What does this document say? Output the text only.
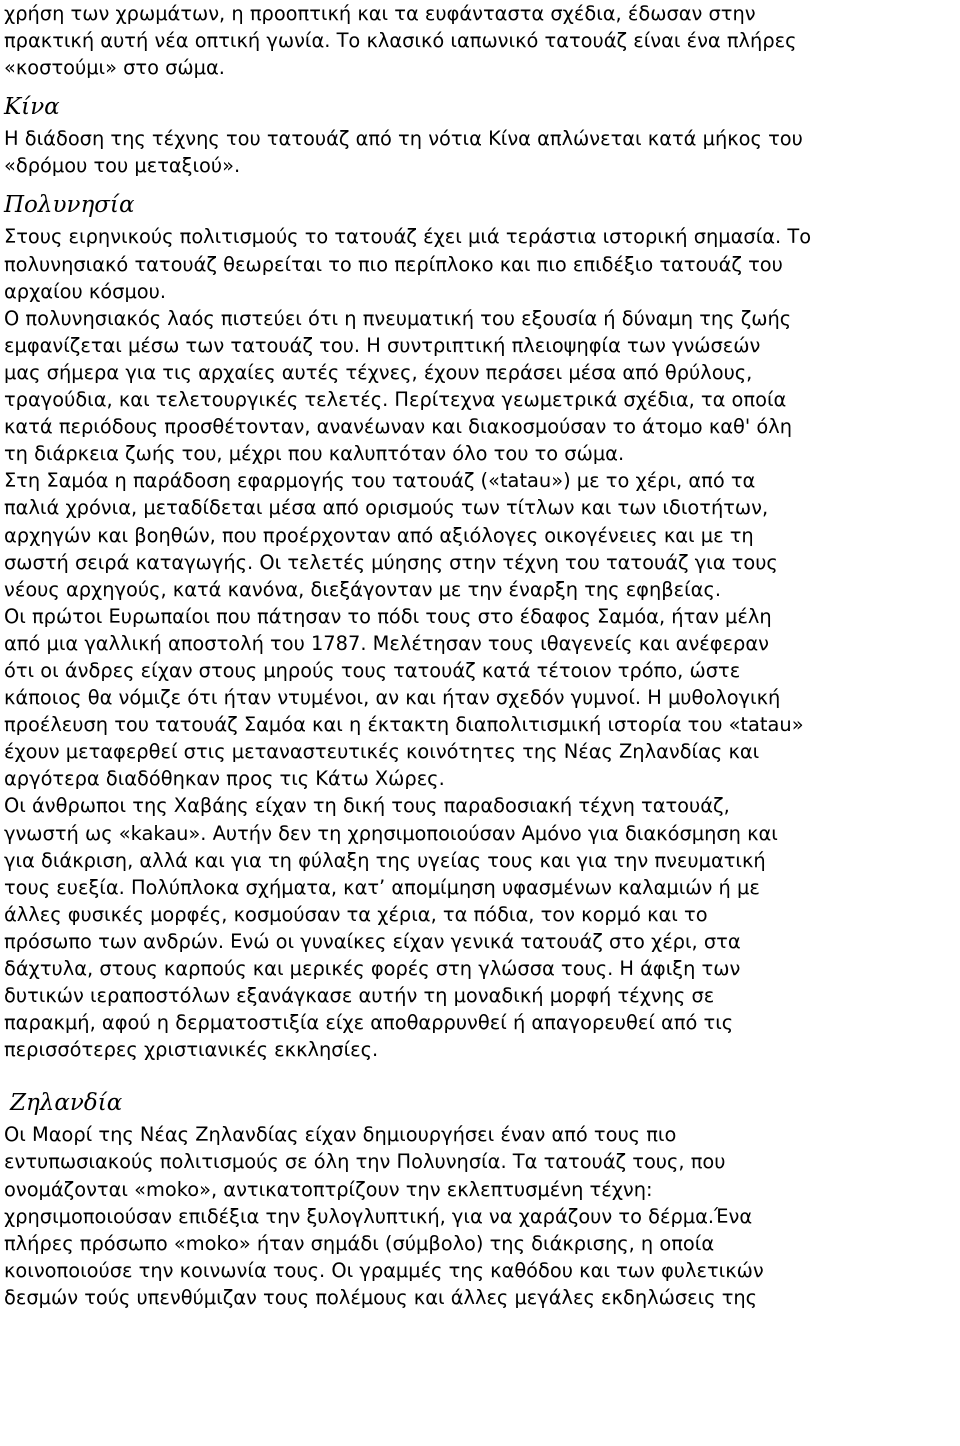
χρήση των χρωμάτων, η προοπτική και τα ευφάνταστα σχέδια, έδωσαν στην
πρακτική αυτή νέα οπτική γωνία. Το κλασικό ιαπωνικό τατουάζ είναι ένα πλήρες
«κοστούμι» στο σώμα.
Κίνα
Η διάδοση της τέχνης του τατουάζ από τη νότια Κίνα απλώνεται κατά μήκος του
«δρόμου του μεταξιού».
Πολυνησία
Στους ειρηνικούς πολιτισμούς το τατουάζ έχει μιά τεράστια ιστορική σημασία. Το
πολυνησιακό τατουάζ θεωρείται το πιο περίπλοκο και πιο επιδέξιο τατουάζ του
αρχαίου κόσμου.
Ο πολυνησιακός λαός πιστεύει ότι η πνευματική του εξουσία ή δύναμη της ζωής
εμφανίζεται μέσω των τατουάζ του. Η συντριπτική πλειοψηφία των γνώσεών
μας σήμερα για τις αρχαίες αυτές τέχνες, έχουν περάσει μέσα από θρύλους,
τραγούδια, και τελετουργικές τελετές. Περίτεχνα γεωμετρικά σχέδια, τα οποία
κατά περιόδους προσθέτονταν, ανανέωναν και διακοσμούσαν το άτομο καθ' όλη
τη διάρκεια ζωής του, μέχρι που καλυπτόταν όλο του το σώμα.
Στη Σαμόα η παράδοση εφαρμογής του τατουάζ («tatau») με το χέρι, από τα
παλιά χρόνια, μεταδίδεται μέσα από ορισμούς των τίτλων και των ιδιοτήτων,
αρχηγών και βοηθών, που προέρχονταν από αξιόλογες οικογένειες και με τη
σωστή σειρά καταγωγής. Οι τελετές μύησης στην τέχνη του τατουάζ για τους
νέους αρχηγούς, κατά κανόνα, διεξάγονταν με την έναρξη της εφηβείας.
Οι πρώτοι Ευρωπαίοι που πάτησαν το πόδι τους στο έδαφος Σαμόα, ήταν μέλη
από μια γαλλική αποστολή του 1787. Μελέτησαν τους ιθαγενείς και ανέφεραν
ότι οι άνδρες είχαν στους μηρούς τους τατουάζ κατά τέτοιον τρόπο, ώστε
κάποιος θα νόμιζε ότι ήταν ντυμένοι, αν και ήταν σχεδόν γυμνοί. Η μυθολογική
προέλευση του τατουάζ Σαμόα και η έκτακτη διαπολιτισμική ιστορία του «tatau»
έχουν μεταφερθεί στις μεταναστευτικές κοινότητες της Νέας Ζηλανδίας και
αργότερα διαδόθηκαν προς τις Κάτω Χώρες.
Οι άνθρωποι της Χαβάης είχαν τη δική τους παραδοσιακή τέχνη τατουάζ,
γνωστή ως «kakau». Αυτήν δεν τη χρησιμοποιούσαν Αμόνο για διακόσμηση και
για διάκριση, αλλά και για τη φύλαξη της υγείας τους και για την πνευματική
τους ευεξία. Πολύπλοκα σχήματα, κατ’ απομίμηση υφασμένων καλαμιών ή με
άλλες φυσικές μορφές, κοσμούσαν τα χέρια, τα πόδια, τον κορμό και το
πρόσωπο των ανδρών. Ενώ οι γυναίκες είχαν γενικά τατουάζ στο χέρι, στα
δάχτυλα, στους καρπούς και μερικές φορές στη γλώσσα τους. Η άφιξη των
δυτικών ιεραποστόλων εξανάγκασε αυτήν τη μοναδική μορφή τέχνης σε
παρακμή, αφού η δερματοστιξία είχε αποθαρρυνθεί ή απαγορευθεί από τις
περισσότερες χριστιανικές εκκλησίες.
Ζηλανδία
Οι Μαορί της Νέας Ζηλανδίας είχαν δημιουργήσει έναν από τους πιο
εντυπωσιακούς πολιτισμούς σε όλη την Πολυνησία. Τα τατουάζ τους, που
ονομάζονται «moko», αντικατοπτρίζουν την εκλεπτυσμένη τέχνη:
χρησιμοποιούσαν επιδέξια την ξυλογλυπτική, για να χαράζουν το δέρμα.Ένα
πλήρες πρόσωπο «moko» ήταν σημάδι (σύμβολο) της διάκρισης, η οποία
κοινοποιούσε την κοινωνία τους. Οι γραμμές της καθόδου και των φυλετικών
δεσμών τούς υπενθύμιζαν τους πολέμους και άλλες μεγάλες εκδηλώσεις της
